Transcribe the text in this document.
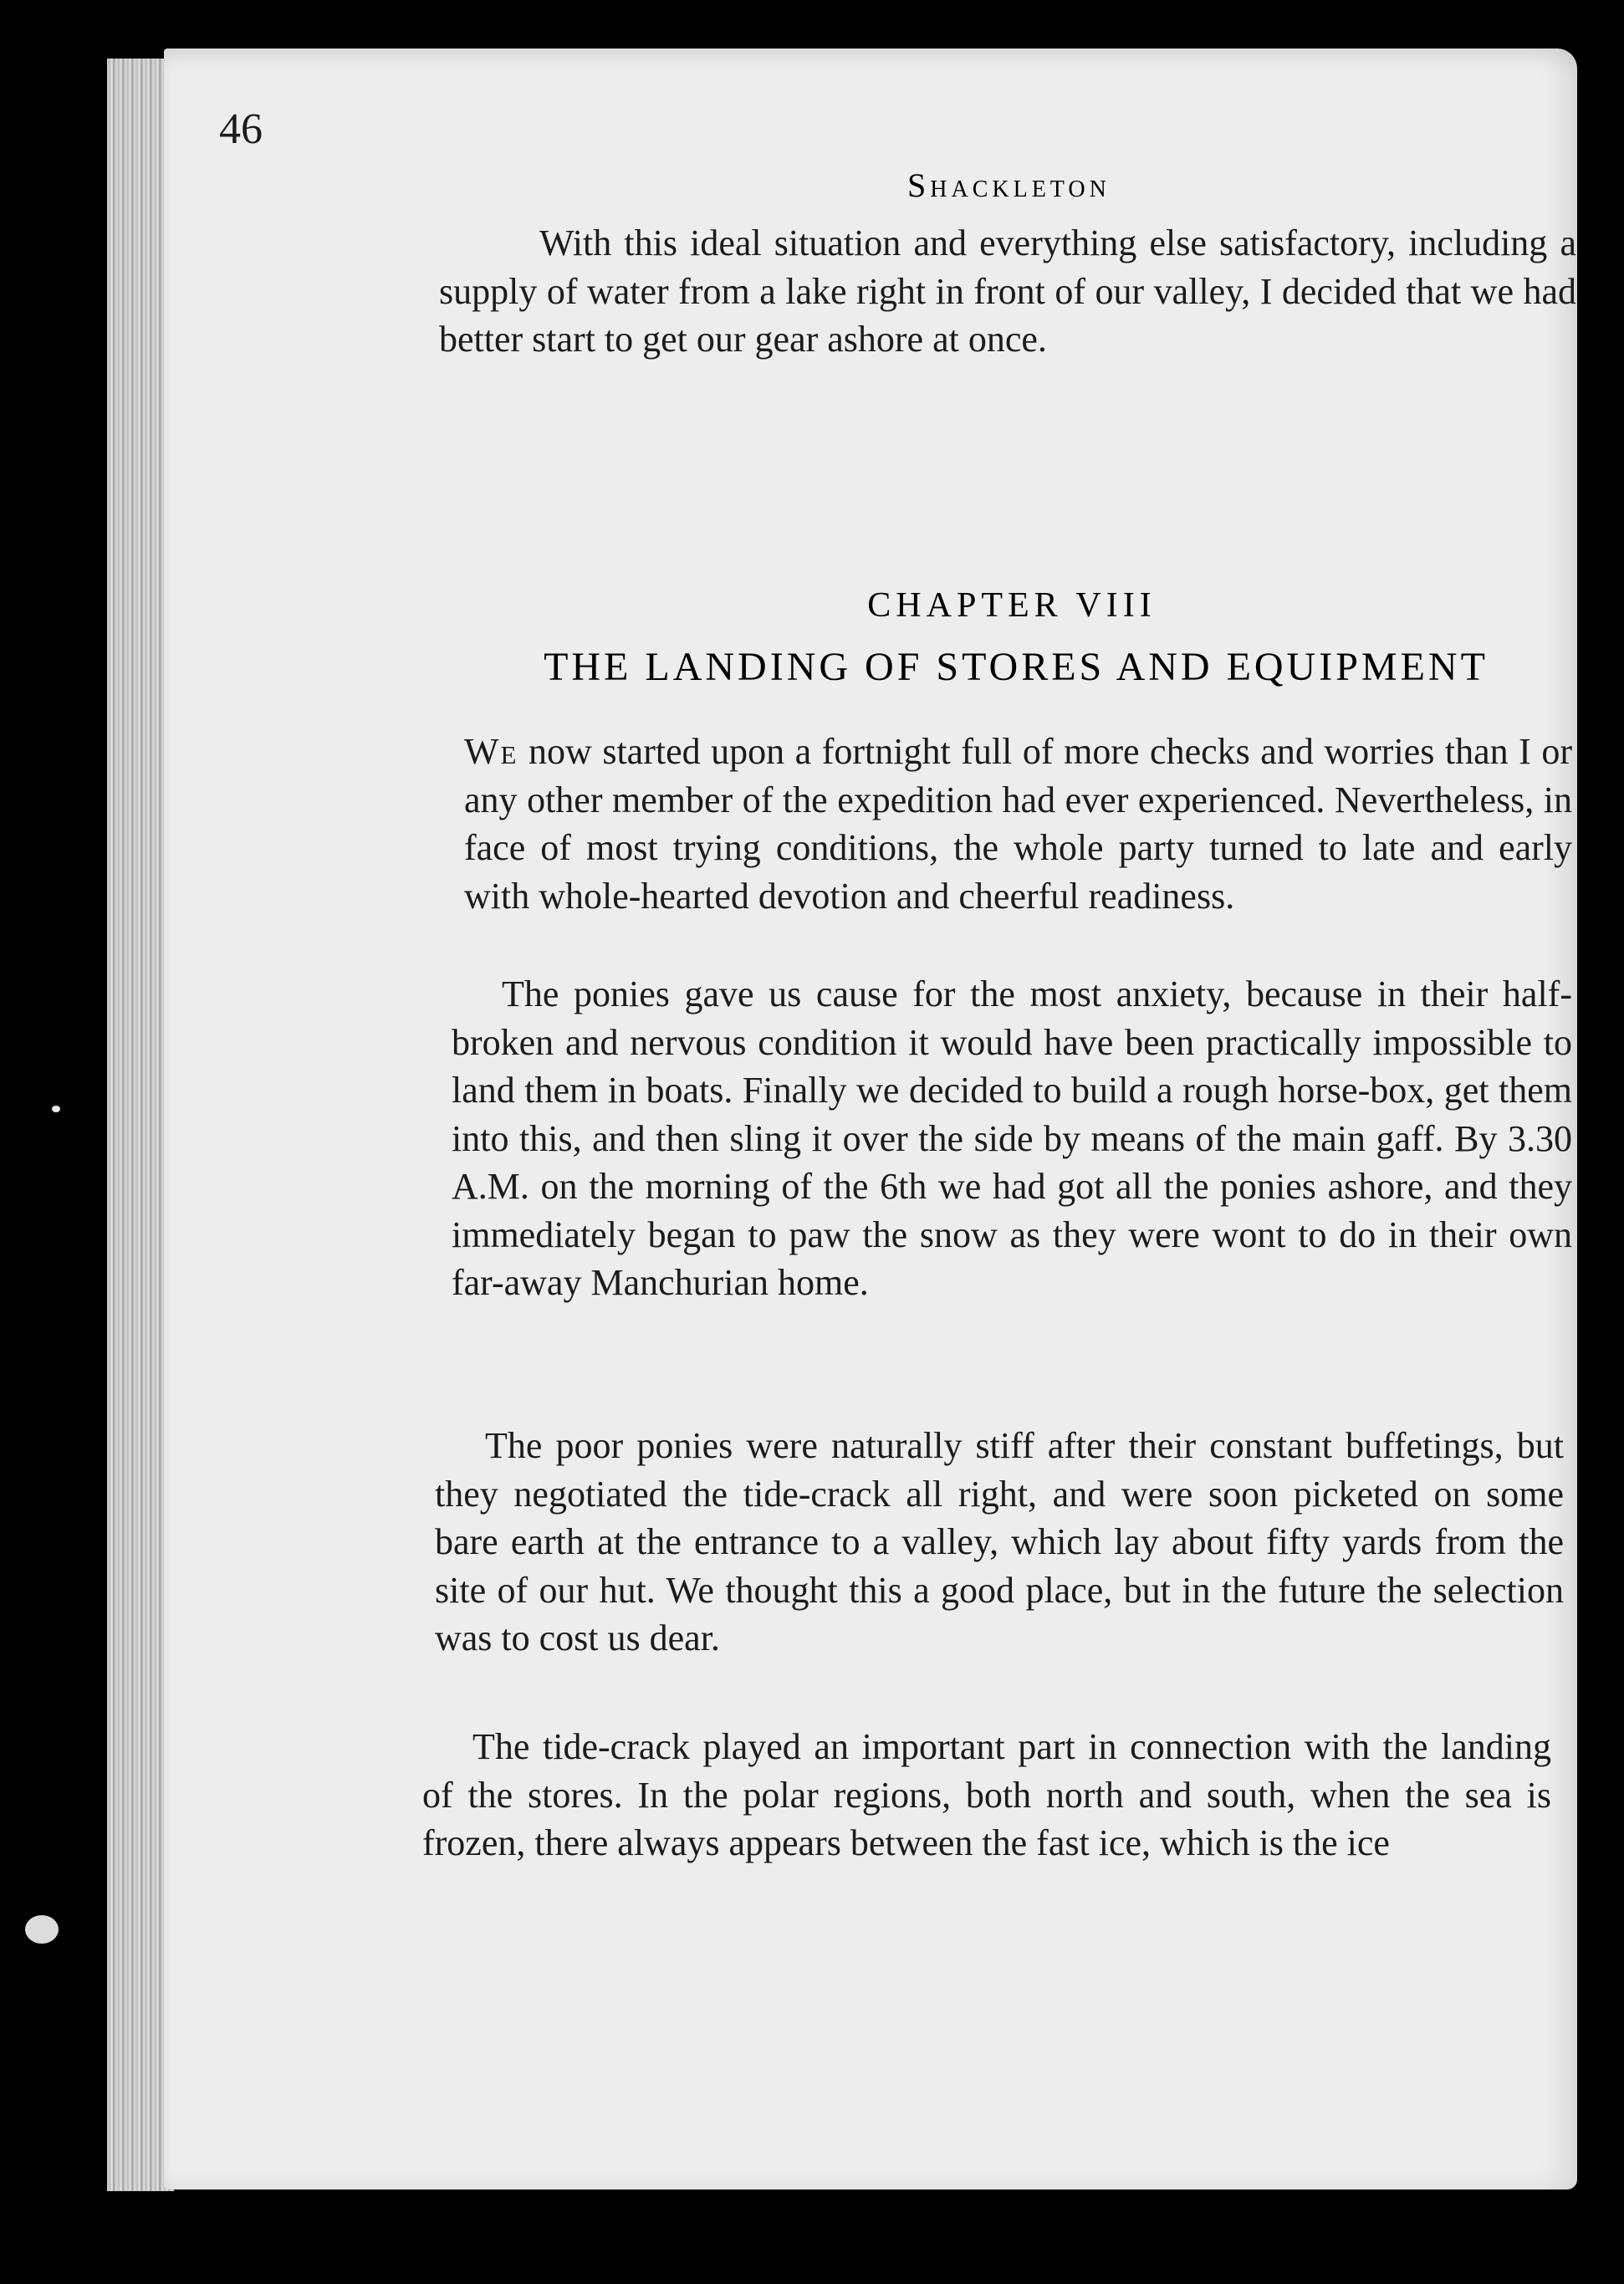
46
Shackleton

With this ideal situation and everything else satisfactory, including a supply of water from a lake right in front of our valley, I decided that we had better start to get our gear ashore at once.

CHAPTER VIII
THE LANDING OF STORES AND EQUIPMENT

We now started upon a fortnight full of more checks and worries than I or any other member of the expedition had ever experienced. Nevertheless, in face of most trying conditions, the whole party turned to late and early with whole-hearted devotion and cheerful readiness.

The ponies gave us cause for the most anxiety, because in their half-broken and nervous condition it would have been practically impossible to land them in boats. Finally we decided to build a rough horse-box, get them into this, and then sling it over the side by means of the main gaff. By 3.30 A.M. on the morning of the 6th we had got all the ponies ashore, and they immediately began to paw the snow as they were wont to do in their own far-away Manchurian home.

The poor ponies were naturally stiff after their constant buffetings, but they negotiated the tide-crack all right, and were soon picketed on some bare earth at the entrance to a valley, which lay about fifty yards from the site of our hut. We thought this a good place, but in the future the selection was to cost us dear.

The tide-crack played an important part in connection with the landing of the stores. In the polar regions, both north and south, when the sea is frozen, there always appears between the fast ice, which is the ice
